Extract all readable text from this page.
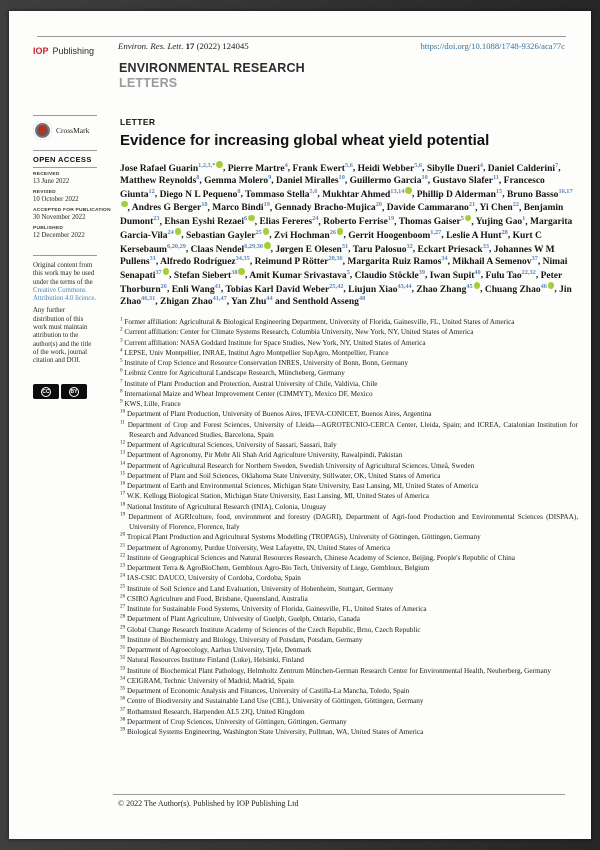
IOP Publishing	Environ. Res. Lett. 17 (2022) 124045	https://doi.org/10.1088/1748-9326/aca77c
ENVIRONMENTAL RESEARCH
LETTERS
CrossMark
OPEN ACCESS
RECEIVED
13 June 2022
REVISED
10 October 2022
ACCEPTED FOR PUBLICATION
30 November 2022
PUBLISHED
12 December 2022

Original content from this work may be used under the terms of the Creative Commons Attribution 4.0 licence.

Any further distribution of this work must maintain attribution to the author(s) and the title of the work, journal citation and DOI.

CC	BY
LETTER
Evidence for increasing global wheat yield potential
Jose Rafael Guarin$^{1,2,3,*}$ , Pierre Martre$^4$, Frank Ewert$^{5,6}$, Heidi Webber$^{5,6}$, Sibylle Dueri$^4$, Daniel Calderini$^7$, Matthew Reynolds$^8$, Gemma Molero$^9$, Daniel Miralles$^{10}$, Guillermo Garcia$^{10}$, Gustavo Slafer$^{11}$, Francesco Giunta$^{12}$, Diego N L Pequeno$^8$, Tommaso Stella$^{5,6}$, Mukhtar Ahmed$^{13,14}$ , Phillip D Alderman$^{15}$, Bruno Basso$^{16,17}$, Andres G Berger$^{18}$, Marco Bindi$^{19}$, Gennady Bracho-Mujica$^{20}$, Davide Cammarano$^{21}$, Yi Chen$^{22}$, Benjamin Dumont$^{23}$, Ehsan Eyshi Rezaei$^6$ , Elias Fereres$^{24}$, Roberto Ferrise$^{19}$, Thomas Gaiser$^5$ , Yujing Gao$^1$, Margarita Garcia-Vila$^{24}$ , Sebastian Gayler$^{25}$ , Zvi Hochman$^{26}$ , Gerrit Hoogenboom$^{1,27}$, Leslie A Hunt$^{28}$, Kurt C Kersebaum$^{6,20,29}$, Claas Nendel$^{6,29,30}$ , Jørgen E Olesen$^{31}$, Taru Palosuo$^{32}$, Eckart Priesack$^{33}$, Johannes W M Pullens$^{31}$, Alfredo Rodríguez$^{34,35}$, Reimund P Rötter$^{20,36}$, Margarita Ruiz Ramos$^{34}$, Mikhail A Semenov$^{37}$, Nimai Senapati$^{37}$ , Stefan Siebert$^{38}$ , Amit Kumar Srivastava$^5$, Claudio Stöckle$^{39}$, Iwan Supit$^{40}$, Fulu Tao$^{22,32}$, Peter Thorburn$^{26}$, Enli Wang$^{41}$, Tobias Karl David Weber$^{25,42}$, Liujun Xiao$^{43,44}$, Zhao Zhang$^{45}$ , Chuang Zhao$^{46}$ , Jin Zhao$^{46,31}$, Zhigan Zhao$^{41,47}$, Yan Zhu$^{44}$ and Senthold Asseng$^{48}$
$^1$ Former affiliation: Agricultural & Biological Engineering Department, University of Florida, Gainesville, FL, United States of America
$^2$ Current affiliation: Center for Climate Systems Research, Columbia University, New York, NY, United States of America
$^3$ Current affiliation: NASA Goddard Institute for Space Studies, New York, NY, United States of America
$^4$ LEPSE, Univ Montpellier, INRAE, Institut Agro Montpellier SupAgro, Montpellier, France
$^5$ Institute of Crop Science and Resource Conservation INRES, University of Bonn, Bonn, Germany
$^6$ Leibniz Centre for Agricultural Landscape Research, Müncheberg, Germany
$^7$ Institute of Plant Production and Protection, Austral University of Chile, Valdivia, Chile
$^8$ International Maize and Wheat Improvement Center (CIMMYT), Mexico DF, Mexico
$^9$ KWS, Lille, France
$^{10}$ Department of Plant Production, University of Buenos Aires, IFEVA-CONICET, Buenos Aires, Argentina
$^{11}$ Department of Crop and Forest Sciences, University of Lleida—AGROTECNIO-CERCA Center, Lleida, Spain; and ICREA, Catalonian Institution for Research and Advanced Studies, Barcelona, Spain
$^{12}$ Department of Agricultural Sciences, University of Sassari, Sassari, Italy
$^{13}$ Department of Agronomy, Pir Mehr Ali Shah Arid Agriculture University, Rawalpindi, Pakistan
$^{14}$ Department of Agricultural Research for Northern Sweden, Swedish University of Agricultural Sciences, Umeå, Sweden
$^{15}$ Department of Plant and Soil Sciences, Oklahoma State University, Stillwater, OK, United States of America
$^{16}$ Department of Earth and Environmental Sciences, Michigan State University, East Lansing, MI, United States of America
$^{17}$ W.K. Kellogg Biological Station, Michigan State University, East Lansing, MI, United States of America
$^{18}$ National Institute of Agricultural Research (INIA), Colonia, Uruguay
$^{19}$ Department of AGRIculture, food, environment and forestry (DAGRI), Department of Agri-food Production and Environmental Sciences (DISPAA), University of Florence, Florence, Italy
$^{20}$ Tropical Plant Production and Agricultural Systems Modelling (TROPAGS), University of Göttingen, Göttingen, Germany
$^{21}$ Department of Agronomy, Purdue University, West Lafayette, IN, United States of America
$^{22}$ Institute of Geographical Sciences and Natural Resources Research, Chinese Academy of Science, Beijing, People's Republic of China
$^{23}$ Department Terra & AgroBioChem, Gembloux Agro-Bio Tech, University of Liege, Gembloux, Belgium
$^{24}$ IAS-CSIC DAUCO, University of Cordoba, Cordoba, Spain
$^{25}$ Institute of Soil Science and Land Evaluation, University of Hohenheim, Stuttgart, Germany
$^{26}$ CSIRO Agriculture and Food, Brisbane, Queensland, Australia
$^{27}$ Institute for Sustainable Food Systems, University of Florida, Gainesville, FL, United States of America
$^{28}$ Department of Plant Agriculture, University of Guelph, Guelph, Ontario, Canada
$^{29}$ Global Change Research Institute Academy of Sciences of the Czech Republic, Brno, Czech Republic
$^{30}$ Institute of Biochemistry and Biology, University of Potsdam, Potsdam, Germany
$^{31}$ Department of Agroecology, Aarhus University, Tjele, Denmark
$^{32}$ Natural Resources Institute Finland (Luke), Helsinki, Finland
$^{33}$ Institute of Biochemical Plant Pathology, Helmholtz Zentrum München-German Research Center for Environmental Health, Neuherberg, Germany
$^{34}$ CEIGRAM, Technic University of Madrid, Madrid, Spain
$^{35}$ Department of Economic Analysis and Finances, University of Castilla-La Mancha, Toledo, Spain
$^{36}$ Centre of Biodiversity and Sustainable Land Use (CBL), University of Göttingen, Göttingen, Germany
$^{37}$ Rothamsted Research, Harpenden AL5 2JQ, United Kingdom
$^{38}$ Department of Crop Sciences, University of Göttingen, Göttingen, Germany
$^{39}$ Biological Systems Engineering, Washington State University, Pullman, WA, United States of America
© 2022 The Author(s). Published by IOP Publishing Ltd
